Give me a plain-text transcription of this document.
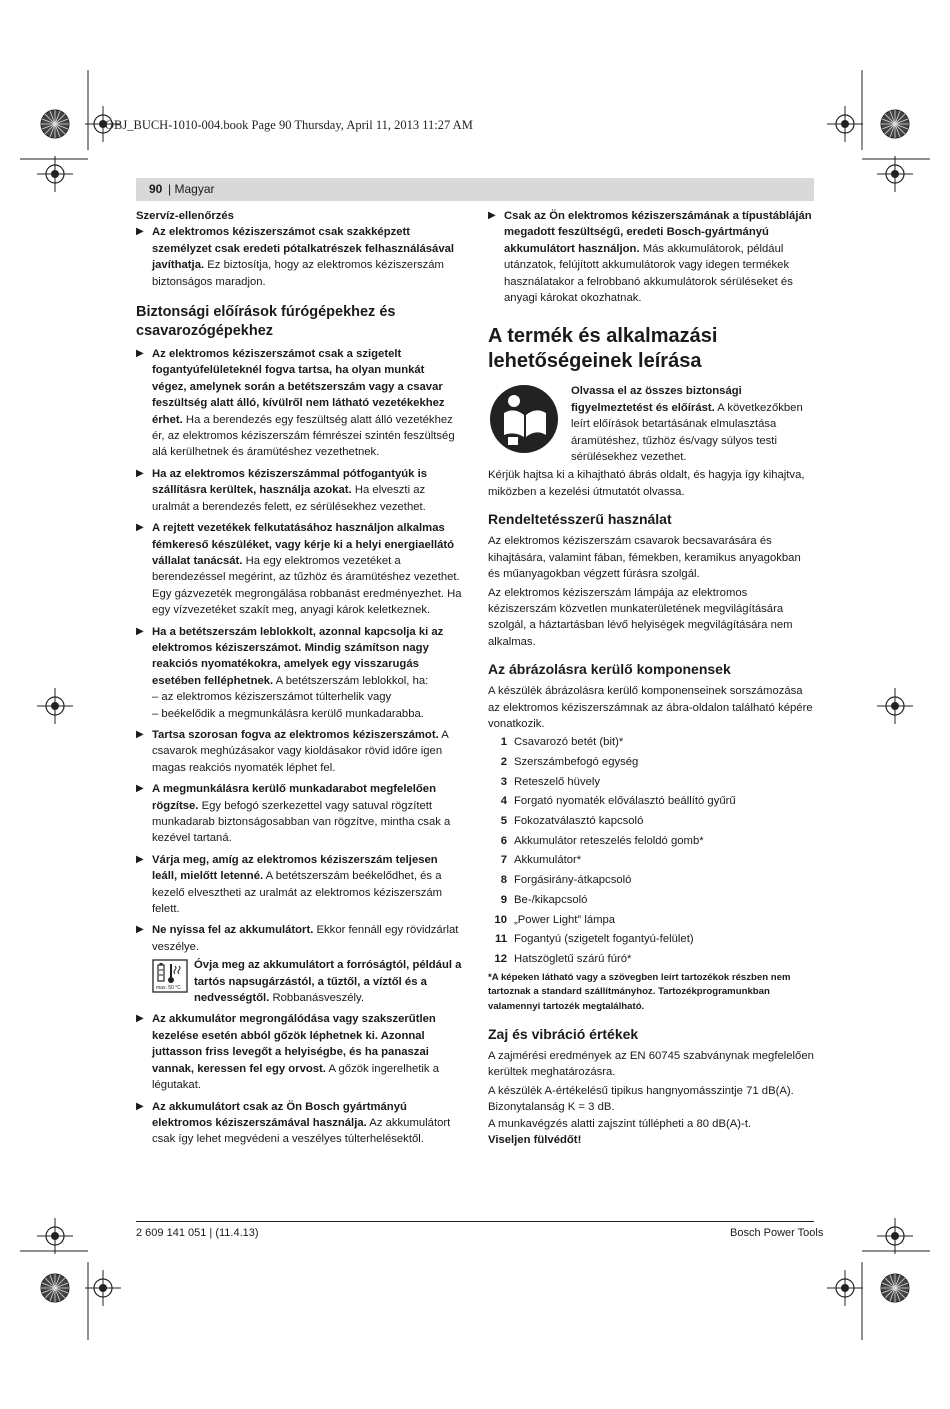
OBJ_BUCH-1010-004.book Page 90 Thursday, April 11, 2013 11:27 AM
90 | Magyar

Szervíz-ellenőrzés

▶ Az elektromos kéziszerszámot csak szakképzett személyzet csak eredeti pótalkatrészek felhasználásával javíthatja. Ez biztosítja, hogy az elektromos kéziszerszám biztonságos maradjon.
Biztonsági előírások fúrógépekhez és csavarozógépekhez
▶ Az elektromos kéziszerszámot csak a szigetelt fogantyúfelületeknél fogva tartsa, ha olyan munkát végez, amelynek során a betétszerszám vagy a csavar feszültség alatt álló, kívülről nem látható vezetékekhez érhet. Ha a berendezés egy feszültség alatt álló vezetékhez ér, az elektromos kéziszerszám fémrészei szintén feszültség alá kerülhetnek és áramütéshez vezethetnek.
▶ Ha az elektromos kéziszerszámmal pótfogantyúk is szállításra kerültek, használja azokat. Ha elveszti az uralmát a berendezés felett, ez sérülésekhez vezethet.
▶ A rejtett vezetékek felkutatásához használjon alkalmas fémkereső készüléket, vagy kérje ki a helyi energiaellátó vállalat tanácsát. Ha egy elektromos vezetéket a berendezéssel megérint, az tűzhöz és áramütéshez vezethet. Egy gázvezeték megrongálása robbanást eredményezhet. Ha egy vízvezetéket szakít meg, anyagi károk keletkeznek.
▶ Ha a betétszerszám leblokkolt, azonnal kapcsolja ki az elektromos kéziszerszámot. Mindig számítson nagy reakciós nyomatékokra, amelyek egy visszarugás esetében felléphetnek. A betétszerszám leblokkol, ha:

– az elektromos kéziszerszámot túlterhelik vagy

– beékelődik a megmunkálásra kerülő munkadarabba.

▶ Tartsa szorosan fogva az elektromos kéziszerszámot. A csavarok meghúzásakor vagy kioldásakor rövid időre igen magas reakciós nyomaték léphet fel.
▶ A megmunkálásra kerülő munkadarabot megfelelően rögzítse. Egy befogó szerkezettel vagy satuval rögzített munkadarab biztonságosabban van rögzítve, mintha csak a kezével tartaná.
▶ Várja meg, amíg az elektromos kéziszerszám teljesen leáll, mielőtt letenné. A betétszerszám beékelődhet, és a kezelő elvesztheti az uralmát az elektromos kéziszerszám felett.
▶ Ne nyissa fel az akkumulátort. Ekkor fennáll egy rövidzárlat veszélye.
max. 50 °C
Óvja meg az akkumulátort a forróságtól, például a tartós napsugárzástól, a tűztől, a víztől és a nedvességtől. Robbanásveszély.
▶ Az akkumulátor megrongálódása vagy szakszerűtlen kezelése esetén abból gőzök léphetnek ki. Azonnal juttasson friss levegőt a helyiségbe, és ha panaszai vannak, keressen fel egy orvost. A gőzök ingerelhetik a légutakat.
▶ Az akkumulátort csak az Ön Bosch gyártmányú elektromos kéziszerszámával használja. Az akkumulátort csak így lehet megvédeni a veszélyes túlterhelésektől.
▶ Csak az Ön elektromos kéziszerszámának a típustábláján megadott feszültségű, eredeti Bosch-gyártmányú akkumulátort használjon. Más akkumulátorok, például utánzatok, felújított akkumulátorok vagy idegen termékek használatakor a felrobbanó akkumulátorok sérüléseket és anyagi károkat okozhatnak.
A termék és alkalmazási lehetőségeinek leírása
Olvassa el az összes biztonsági figyelmeztetést és előírást. A következőkben leírt előírások betartásának elmulasztása áramütéshez, tűzhöz és/vagy súlyos testi sérülésekhez vezethet.

Kérjük hajtsa ki a kihajtható ábrás oldalt, és hagyja így kihajtva, miközben a kezelési útmutatót olvassa.

Rendeltetésszerű használat

Az elektromos kéziszerszám csavarok becsavarására és kihajtására, valamint fában, fémekben, keramikus anyagokban és műanyagokban végzett fúrásra szolgál.

Az elektromos kéziszerszám lámpája az elektromos kéziszerszám közvetlen munkaterületének megvilágítására szolgál, a háztartásban lévő helyiségek megvilágítására nem alkalmas.

Az ábrázolásra kerülő komponensek

A készülék ábrázolásra kerülő komponenseinek sorszámozása az elektromos kéziszerszámnak az ábra-oldalon található képére vonatkozik.

1 Csavarozó betét (bit)*
2 Szerszámbefogó egység
3 Reteszelő hüvely
4 Forgató nyomaték előválasztó beállító gyűrű
5 Fokozatválasztó kapcsoló
6 Akkumulátor reteszelés feloldó gomb*
7 Akkumulátor*
8 Forgásirány-átkapcsoló
9 Be-/kikapcsoló
10 „Power Light” lámpa
11 Fogantyú (szigetelt fogantyú-felület)
12 Hatszögletű szárú fúró*

*A képeken látható vagy a szövegben leírt tartozékok részben nem tartoznak a standard szállítmányhoz. Tartozékprogramunkban valamennyi tartozék megtalálható.

Zaj és vibráció értékek

A zajmérési eredmények az EN 60745 szabványnak megfelelően kerültek meghatározásra.

A készülék A-értékelésű tipikus hangnyomásszintje 71 dB(A). Bizonytalanság K = 3 dB.

A munkavégzés alatti zajszint túllépheti a 80 dB(A)-t.

Viseljen fülvédőt!

2 609 141 051 | (11.4.13)	Bosch Power Tools
